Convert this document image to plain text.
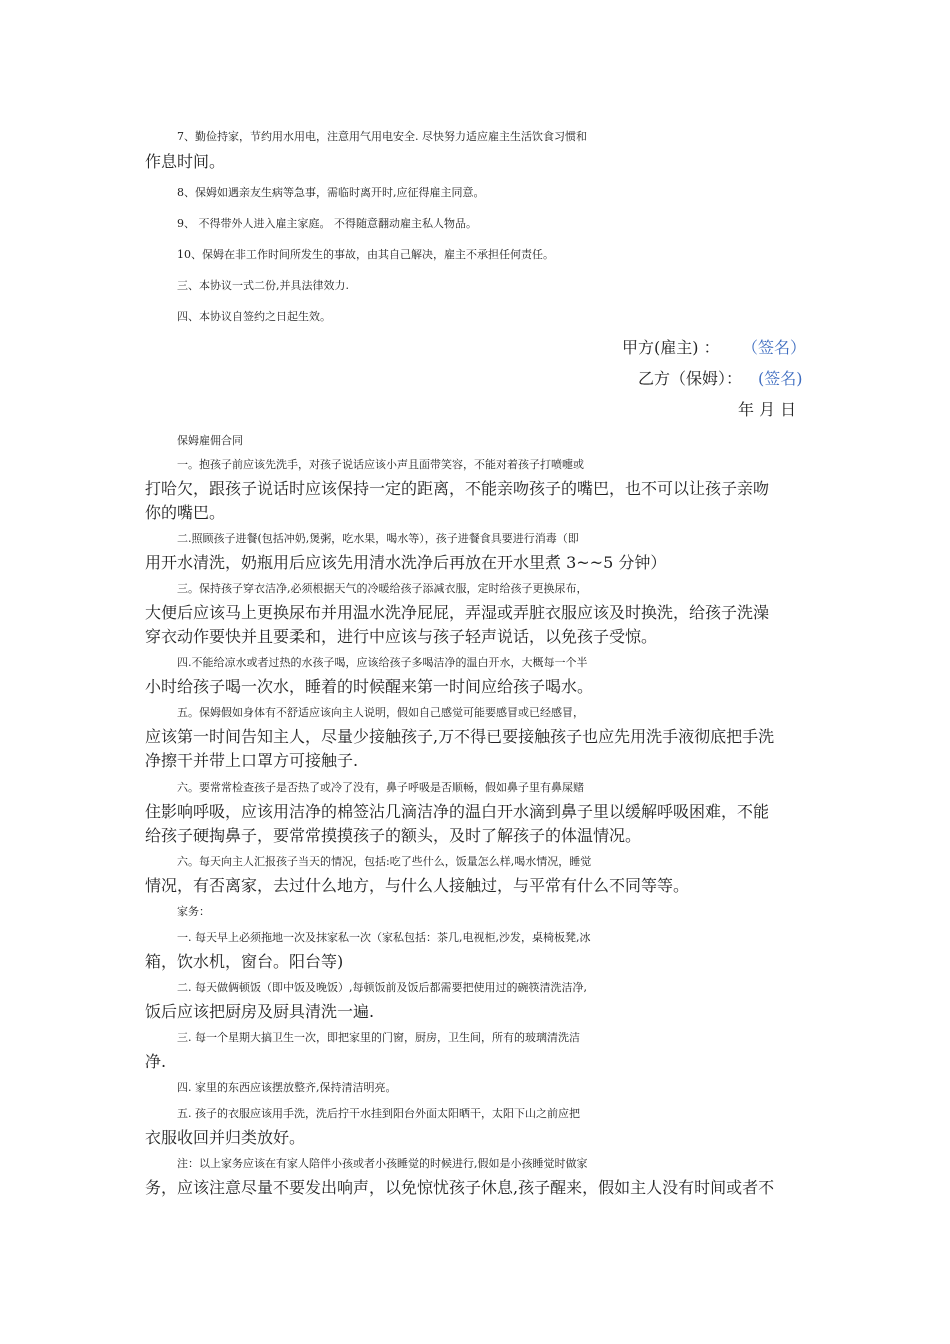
7、勤俭持家，节约用水用电，注意用气用电安全. 尽快努力适应雇主生活饮食习惯和
作息时间。
8、保姆如遇亲友生病等急事，需临时离开时,应征得雇主同意。
9、 不得带外人进入雇主家庭。 不得随意翻动雇主私人物品。
10、保姆在非工作时间所发生的事故，由其自己解决，雇主不承担任何责任。
三、本协议一式二份,并具法律效力.
四、本协议自签约之日起生效。
甲方(雇主) ： （签名）
乙方（保姆）： (签名)
年 月 日
保姆雇佣合同
一。抱孩子前应该先洗手，对孩子说话应该小声且面带笑容，不能对着孩子打喷嚏或
打哈欠，跟孩子说话时应该保持一定的距离，不能亲吻孩子的嘴巴，也不可以让孩子亲吻
你的嘴巴。
二.照顾孩子进餐(包括冲奶,煲粥，吃水果，喝水等），孩子进餐食具要进行消毒（即
用开水清洗，奶瓶用后应该先用清水洗净后再放在开水里煮 3~~5 分钟）
三。保持孩子穿衣洁净,必须根据天气的冷暖给孩子添减衣服，定时给孩子更换尿布，
大便后应该马上更换尿布并用温水洗净屁屁，弄湿或弄脏衣服应该及时换洗，给孩子洗澡
穿衣动作要快并且要柔和，进行中应该与孩子轻声说话，以免孩子受惊。
四.不能给凉水或者过热的水孩子喝，应该给孩子多喝洁净的温白开水，大概每一个半
小时给孩子喝一次水，睡着的时候醒来第一时间应给孩子喝水。
五。保姆假如身体有不舒适应该向主人说明，假如自己感觉可能要感冒或已经感冒，
应该第一时间告知主人，尽量少接触孩子,万不得已要接触孩子也应先用洗手液彻底把手洗
净擦干并带上口罩方可接触子.
六。要常常检查孩子是否热了或冷了没有，鼻子呼吸是否顺畅，假如鼻子里有鼻屎赌
住影响呼吸，应该用洁净的棉签沾几滴洁净的温白开水滴到鼻子里以缓解呼吸困难，不能
给孩子硬掏鼻子，要常常摸摸孩子的额头，及时了解孩子的体温情况。
六。每天向主人汇报孩子当天的情况，包括:吃了些什么，饭量怎么样,喝水情况，睡觉
情况，有否离家，去过什么地方，与什么人接触过，与平常有什么不同等等。
家务：
一. 每天早上必须拖地一次及抹家私一次（家私包括：茶几,电视柜,沙发，桌椅板凳,冰
箱，饮水机，窗台。阳台等)
二. 每天做俩顿饭（即中饭及晚饭）,每顿饭前及饭后都需要把使用过的碗筷清洗洁净,
饭后应该把厨房及厨具清洗一遍.
三. 每一个星期大搞卫生一次，即把家里的门窗，厨房，卫生间，所有的玻璃清洗洁
净.
四. 家里的东西应该摆放整齐,保持清洁明亮。
五. 孩子的衣服应该用手洗，洗后拧干水挂到阳台外面太阳晒干，太阳下山之前应把
衣服收回并归类放好。
注：以上家务应该在有家人陪伴小孩或者小孩睡觉的时候进行,假如是小孩睡觉时做家
务，应该注意尽量不要发出响声，以免惊忧孩子休息,孩子醒来，假如主人没有时间或者不
